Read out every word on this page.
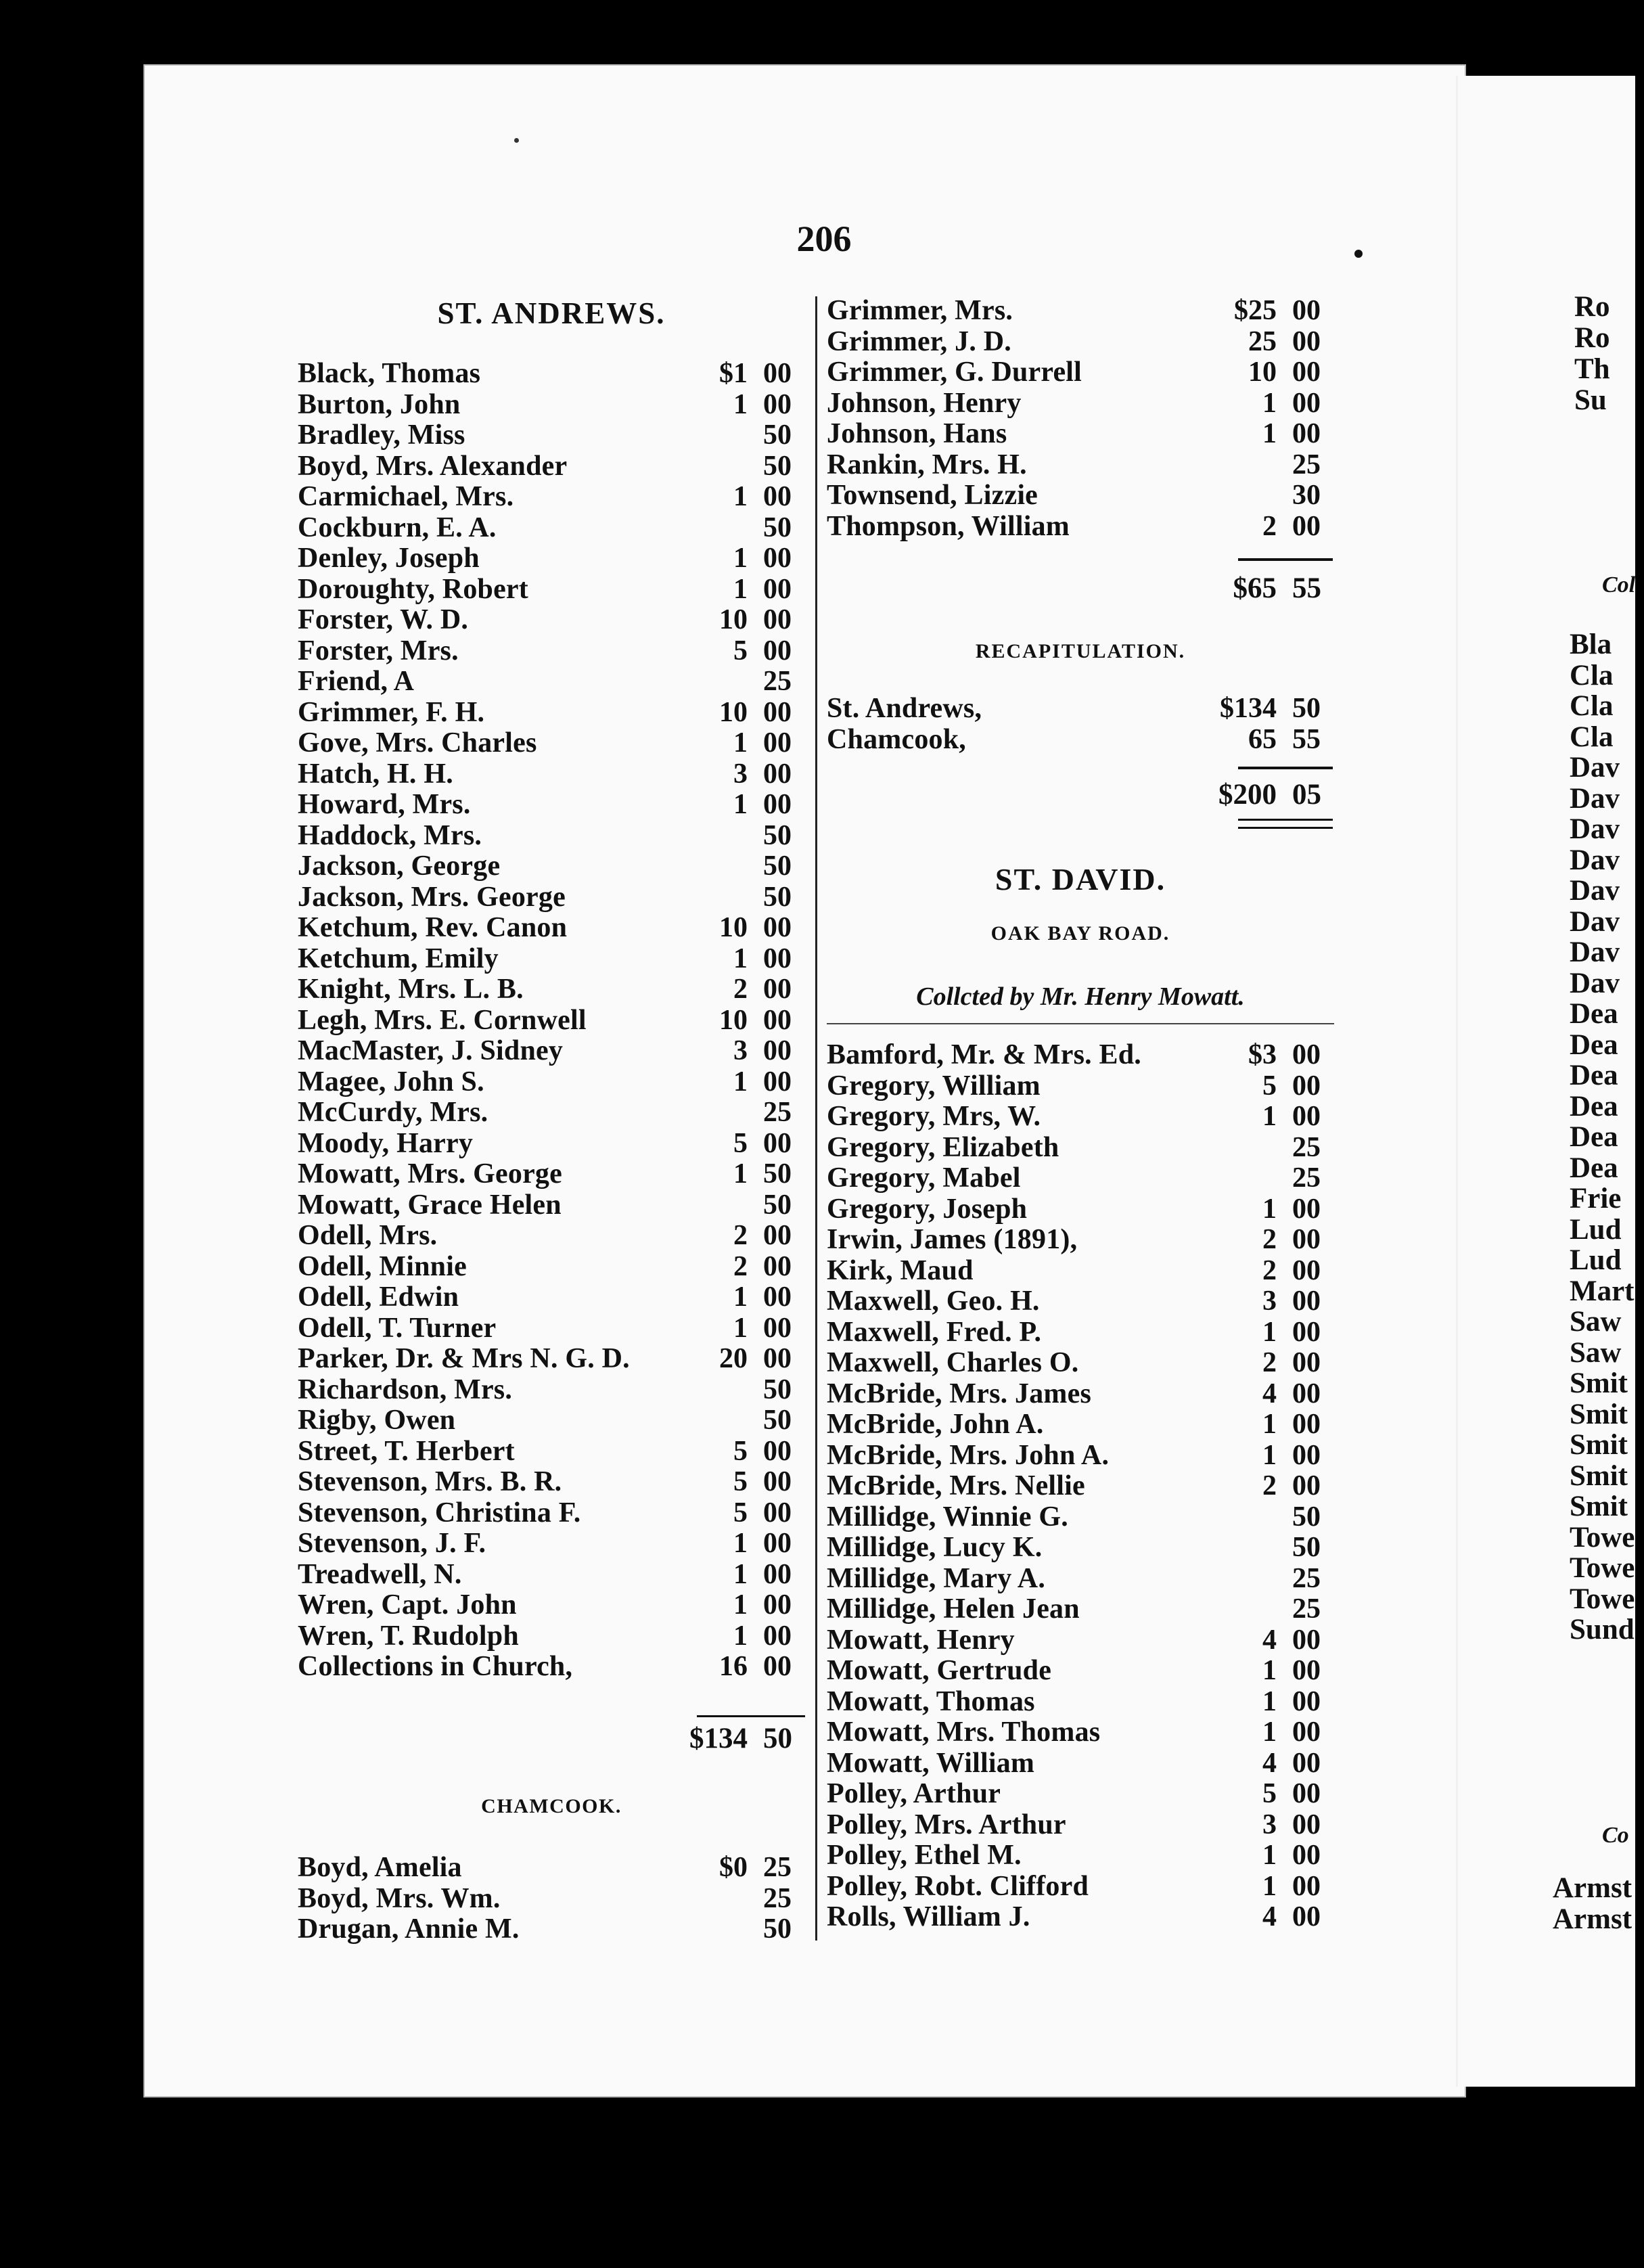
206
ST. ANDREWS.
Black, Thomas	$1 00
Burton, John	1 00
Bradley, Miss	50
Boyd, Mrs. Alexander	50
Carmichael, Mrs.	1 00
Cockburn, E. A.	50
Denley, Joseph	1 00
Doroughty, Robert	1 00
Forster, W. D.	10 00
Forster, Mrs.	5 00
Friend, A	25
Grimmer, F. H.	10 00
Gove, Mrs. Charles	1 00
Hatch, H. H.	3 00
Howard, Mrs.	1 00
Haddock, Mrs.	50
Jackson, George	50
Jackson, Mrs. George	50
Ketchum, Rev. Canon	10 00
Ketchum, Emily	1 00
Knight, Mrs. L. B.	2 00
Legh, Mrs. E. Cornwell	10 00
MacMaster, J. Sidney	3 00
Magee, John S.	1 00
McCurdy, Mrs.	25
Moody, Harry	5 00
Mowatt, Mrs. George	1 50
Mowatt, Grace Helen	50
Odell, Mrs.	2 00
Odell, Minnie	2 00
Odell, Edwin	1 00
Odell, T. Turner	1 00
Parker, Dr. & Mrs N. G. D.	20 00
Richardson, Mrs.	50
Rigby, Owen	50
Street, T. Herbert	5 00
Stevenson, Mrs. B. R.	5 00
Stevenson, Christina F.	5 00
Stevenson, J. F.	1 00
Treadwell, N.	1 00
Wren, Capt. John	1 00
Wren, T. Rudolph	1 00
Collections in Church,	16 00
$134 50
CHAMCOOK.
Boyd, Amelia	$0 25
Boyd, Mrs. Wm.	25
Drugan, Annie M.	50
Grimmer, Mrs.	$25 00
Grimmer, J. D.	25 00
Grimmer, G. Durrell	10 00
Johnson, Henry	1 00
Johnson, Hans	1 00
Rankin, Mrs. H.	25
Townsend, Lizzie	30
Thompson, William	2 00
$65 55
RECAPITULATION.
St. Andrews,	$134 50
Chamcook,	65 55
$200 05
ST. DAVID.
OAK BAY ROAD.
Collcted by Mr. Henry Mowatt.
Bamford, Mr. & Mrs. Ed.	$3 00
Gregory, William	5 00
Gregory, Mrs, W.	1 00
Gregory, Elizabeth	25
Gregory, Mabel	25
Gregory, Joseph	1 00
Irwin, James (1891),	2 00
Kirk, Maud	2 00
Maxwell, Geo. H.	3 00
Maxwell, Fred. P.	1 00
Maxwell, Charles O.	2 00
McBride, Mrs. James	4 00
McBride, John A.	1 00
McBride, Mrs. John A.	1 00
McBride, Mrs. Nellie	2 00
Millidge, Winnie G.	50
Millidge, Lucy K.	50
Millidge, Mary A.	25
Millidge, Helen Jean	25
Mowatt, Henry	4 00
Mowatt, Gertrude	1 00
Mowatt, Thomas	1 00
Mowatt, Mrs. Thomas	1 00
Mowatt, William	4 00
Polley, Arthur	5 00
Polley, Mrs. Arthur	3 00
Polley, Ethel M.	1 00
Polley, Robt. Clifford	1 00
Rolls, William J.	4 00
Ro
Ro
Th
Su
Col
Bla
Cla
Cla
Cla
Dav
Dav
Dav
Dav
Dav
Dav
Dav
Dav
Dea
Dea
Dea
Dea
Dea
Dea
Frie
Lud
Lud
Mart
Saw
Saw
Smit
Smit
Smit
Smit
Smit
Towe
Towe
Towe
Sund
Co
Armst
Armst
